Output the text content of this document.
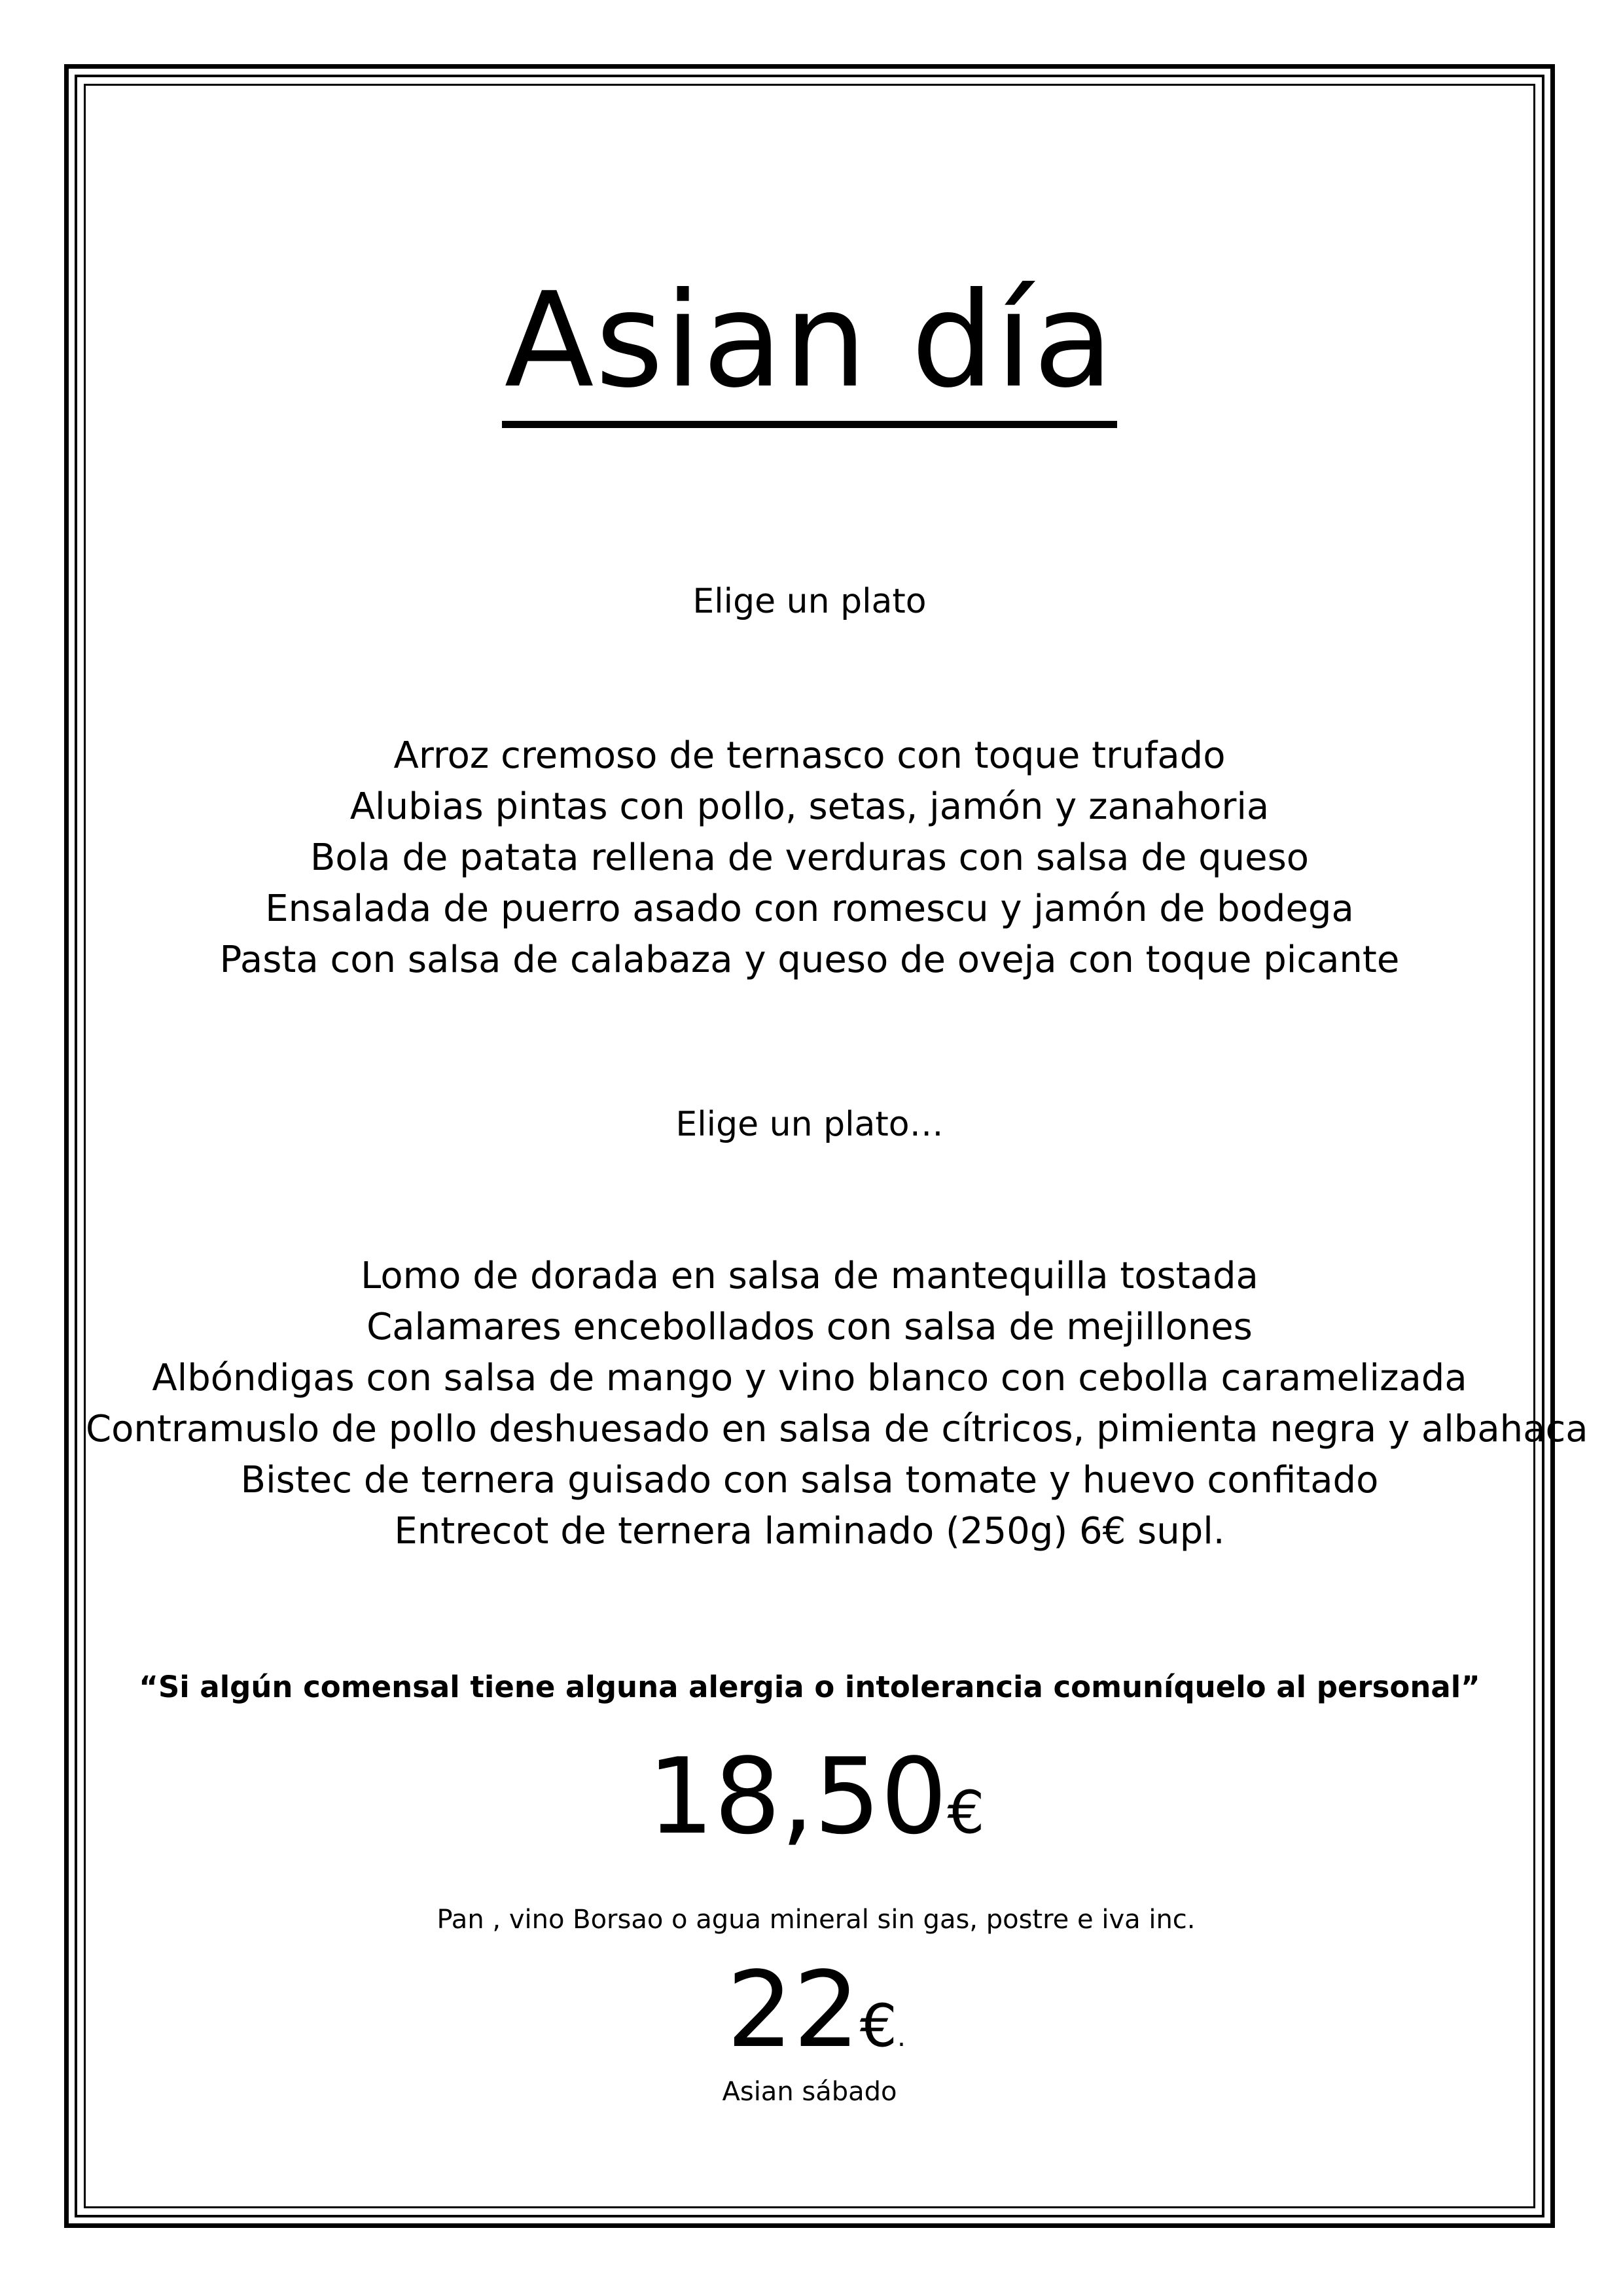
Asian día
Elige un plato
Arroz cremoso de ternasco con toque trufado
Alubias pintas con pollo, setas, jamón y zanahoria
Bola de patata rellena de verduras con salsa de queso
Ensalada de puerro asado con romescu y jamón de bodega
Pasta con salsa de calabaza y queso de oveja con toque picante
Elige un plato…
Lomo de dorada en salsa de mantequilla tostada
Calamares encebollados con salsa de mejillones
Albóndigas con salsa de mango y vino blanco con cebolla caramelizada
Contramuslo de pollo deshuesado en salsa de cítricos, pimienta negra y albahaca
Bistec de ternera guisado con salsa tomate y huevo confitado
Entrecot de ternera laminado (250g) 6€ supl.
“Si algún comensal tiene alguna alergia o intolerancia comuníquelo al personal”
18,50€
Pan , vino Borsao o agua mineral sin gas, postre e iva inc.
22€.
Asian sábado
